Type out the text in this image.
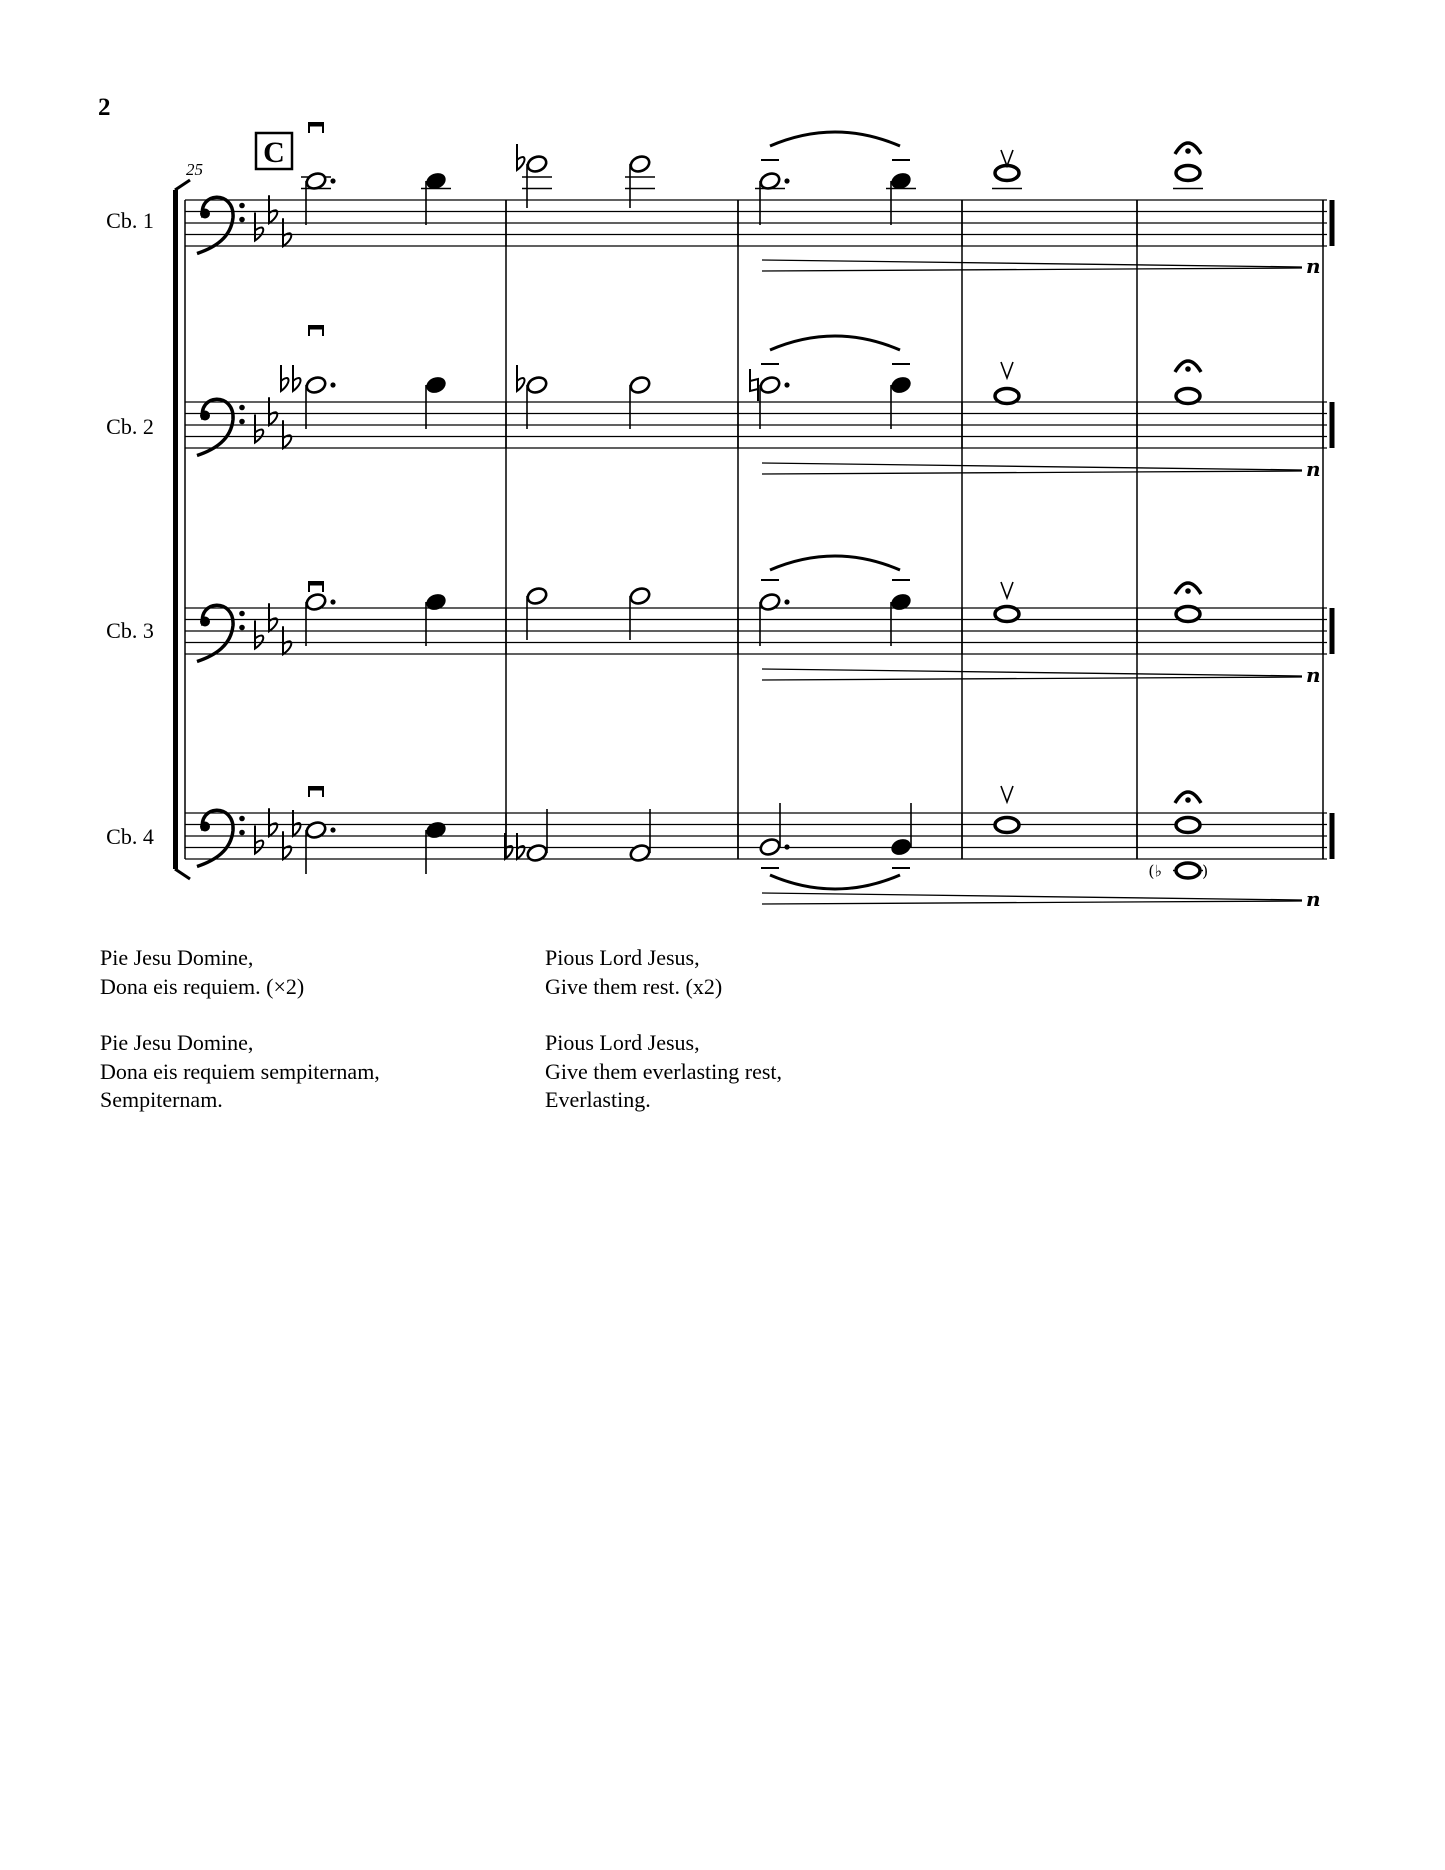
2
25
C
Cb. 1
Cb. 2
Cb. 3
Cb. 4
n
n
n
(♭	)
n
Pie Jesu Domine,
Dona eis requiem. (×2)
Pie Jesu Domine,
Dona eis requiem sempiternam,
Sempiternam.
Pious Lord Jesus,
Give them rest. (x2)
Pious Lord Jesus,
Give them everlasting rest,
Everlasting.
